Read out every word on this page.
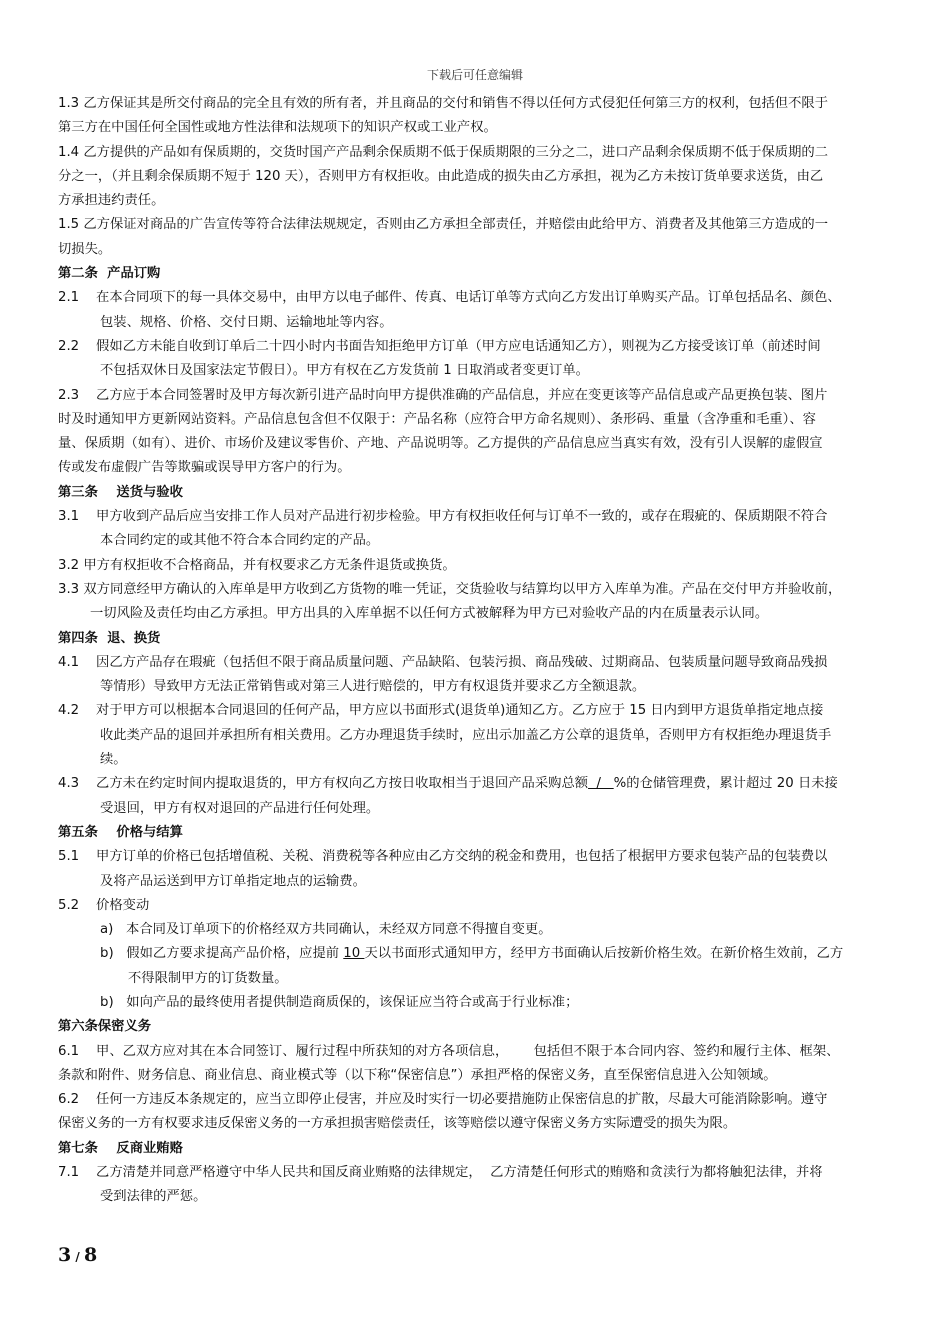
下载后可任意编辑

1.3 乙方保证其是所交付商品的完全且有效的所有者，并且商品的交付和销售不得以任何方式侵犯任何第三方的权利，包括但不限于
第三方在中国任何全国性或地方性法律和法规项下的知识产权或工业产权。

1.4 乙方提供的产品如有保质期的，交货时国产产品剩余保质期不低于保质期限的三分之二，进口产品剩余保质期不低于保质期的二
分之一，（并且剩余保质期不短于 120 天），否则甲方有权拒收。由此造成的损失由乙方承担，视为乙方未按订货单要求送货，由乙
方承担违约责任。

1.5 乙方保证对商品的广告宣传等符合法律法规规定，否则由乙方承担全部责任，并赔偿由此给甲方、消费者及其他第三方造成的一
切损失。

第二条  产品订购

2.1    在本合同项下的每一具体交易中，由甲方以电子邮件、传真、电话订单等方式向乙方发出订单购买产品。订单包括品名、颜色、
包装、规格、价格、交付日期、运输地址等内容。

2.2    假如乙方未能自收到订单后二十四小时内书面告知拒绝甲方订单（甲方应电话通知乙方），则视为乙方接受该订单（前述时间
不包括双休日及国家法定节假日）。甲方有权在乙方发货前 1 日取消或者变更订单。

2.3    乙方应于本合同签署时及甲方每次新引进产品时向甲方提供准确的产品信息，并应在变更该等产品信息或产品更换包装、图片
时及时通知甲方更新网站资料。产品信息包含但不仅限于：产品名称（应符合甲方命名规则）、条形码、重量（含净重和毛重）、容
量、保质期（如有）、进价、市场价及建议零售价、产地、产品说明等。乙方提供的产品信息应当真实有效，没有引人误解的虚假宣
传或发布虚假广告等欺骗或误导甲方客户的行为。

第三条    送货与验收

3.1    甲方收到产品后应当安排工作人员对产品进行初步检验。甲方有权拒收任何与订单不一致的，或存在瑕疵的、保质期限不符合
本合同约定的或其他不符合本合同约定的产品。

3.2 甲方有权拒收不合格商品，并有权要求乙方无条件退货或换货。

3.3 双方同意经甲方确认的入库单是甲方收到乙方货物的唯一凭证，交货验收与结算均以甲方入库单为准。产品在交付甲方并验收前，
一切风险及责任均由乙方承担。甲方出具的入库单据不以任何方式被解释为甲方已对验收产品的内在质量表示认同。

第四条  退、换货

4.1    因乙方产品存在瑕疵（包括但不限于商品质量问题、产品缺陷、包装污损、商品残破、过期商品、包装质量问题导致商品残损
等情形）导致甲方无法正常销售或对第三人进行赔偿的，甲方有权退货并要求乙方全额退款。

4.2    对于甲方可以根据本合同退回的任何产品，甲方应以书面形式(退货单)通知乙方。乙方应于 15 日内到甲方退货单指定地点接
收此类产品的退回并承担所有相关费用。乙方办理退货手续时，应出示加盖乙方公章的退货单，否则甲方有权拒绝办理退货手
续。

4.3    乙方未在约定时间内提取退货的，甲方有权向乙方按日收取相当于退回产品采购总额  /   %的仓储管理费，累计超过 20 日未接
受退回，甲方有权对退回的产品进行任何处理。

第五条    价格与结算

5.1    甲方订单的价格已包括增值税、关税、消费税等各种应由乙方交纳的税金和费用，也包括了根据甲方要求包装产品的包装费以
及将产品运送到甲方订单指定地点的运输费。

5.2    价格变动

a)   本合同及订单项下的价格经双方共同确认，未经双方同意不得擅自变更。

b)   假如乙方要求提高产品价格，应提前 10 天以书面形式通知甲方，经甲方书面确认后按新价格生效。在新价格生效前，乙方
不得限制甲方的订货数量。

b)   如向产品的最终使用者提供制造商质保的，该保证应当符合或高于行业标准；

第六条保密义务

6.1    甲、乙双方应对其在本合同签订、履行过程中所获知的对方各项信息，      包括但不限于本合同内容、签约和履行主体、框架、
条款和附件、财务信息、商业信息、商业模式等（以下称“保密信息”）承担严格的保密义务，直至保密信息进入公知领域。

6.2    任何一方违反本条规定的，应当立即停止侵害，并应及时实行一切必要措施防止保密信息的扩散，尽最大可能消除影响。遵守
保密义务的一方有权要求违反保密义务的一方承担损害赔偿责任，该等赔偿以遵守保密义务方实际遭受的损失为限。

第七条    反商业贿赂

7.1    乙方清楚并同意严格遵守中华人民共和国反商业贿赂的法律规定，  乙方清楚任何形式的贿赂和贪渎行为都将触犯法律，并将
受到法律的严惩。

3 / 8
